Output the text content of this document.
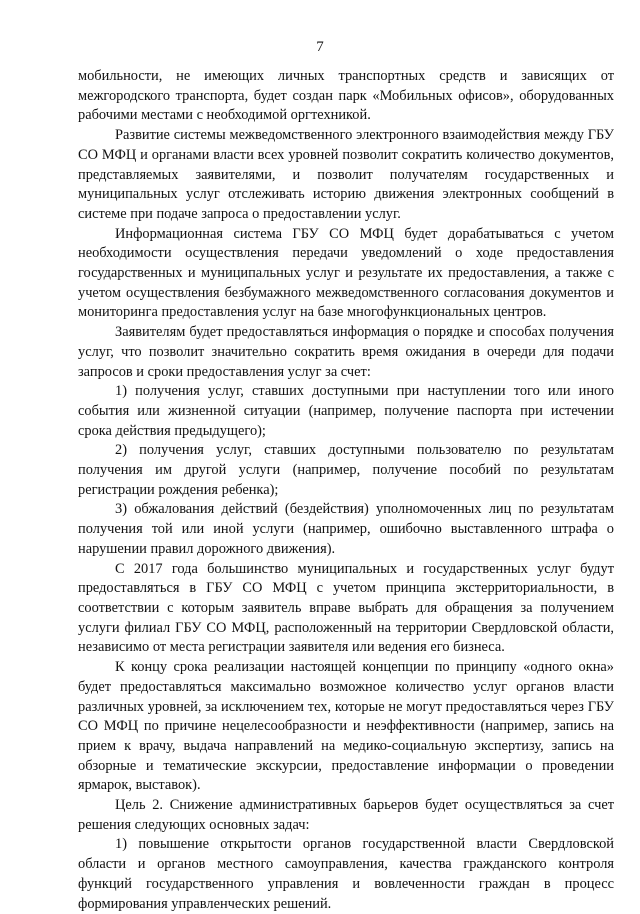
7

мобильности, не имеющих личных транспортных средств и зависящих от межгородского транспорта, будет создан парк «Мобильных офисов», оборудованных рабочими местами с необходимой оргтехникой.

Развитие системы межведомственного электронного взаимодействия между ГБУ СО МФЦ и органами власти всех уровней позволит сократить количество документов, представляемых заявителями, и позволит получателям государственных и муниципальных услуг отслеживать историю движения электронных сообщений в системе при подаче запроса о предоставлении услуг.

Информационная система ГБУ СО МФЦ будет дорабатываться с учетом необходимости осуществления передачи уведомлений о ходе предоставления государственных и муниципальных услуг и результате их предоставления, а также с учетом осуществления безбумажного межведомственного согласования документов и мониторинга предоставления услуг на базе многофункциональных центров.

Заявителям будет предоставляться информация о порядке и способах получения услуг, что позволит значительно сократить время ожидания в очереди для подачи запросов и сроки предоставления услуг за счет:

1) получения услуг, ставших доступными при наступлении того или иного события или жизненной ситуации (например, получение паспорта при истечении срока действия предыдущего);

2) получения услуг, ставших доступными пользователю по результатам получения им другой услуги (например, получение пособий по результатам регистрации рождения ребенка);

3) обжалования действий (бездействия) уполномоченных лиц по результатам получения той или иной услуги (например, ошибочно выставленного штрафа о нарушении правил дорожного движения).

С 2017 года большинство муниципальных и государственных услуг будут предоставляться в ГБУ СО МФЦ с учетом принципа экстерриториальности, в соответствии с которым заявитель вправе выбрать для обращения за получением услуги филиал ГБУ СО МФЦ, расположенный на территории Свердловской области, независимо от места регистрации заявителя или ведения его бизнеса.

К концу срока реализации настоящей концепции по принципу «одного окна» будет предоставляться максимально возможное количество услуг органов власти различных уровней, за исключением тех, которые не могут предоставляться через ГБУ СО МФЦ по причине нецелесообразности и неэффективности (например, запись на прием к врачу, выдача направлений на медико-социальную экспертизу, запись на обзорные и тематические экскурсии, предоставление информации о проведении ярмарок, выставок).

Цель 2. Снижение административных барьеров будет осуществляться за счет решения следующих основных задач:

1) повышение открытости органов государственной власти Свердловской области и органов местного самоуправления, качества гражданского контроля функций государственного управления и вовлеченности граждан в процесс формирования управленческих решений.
